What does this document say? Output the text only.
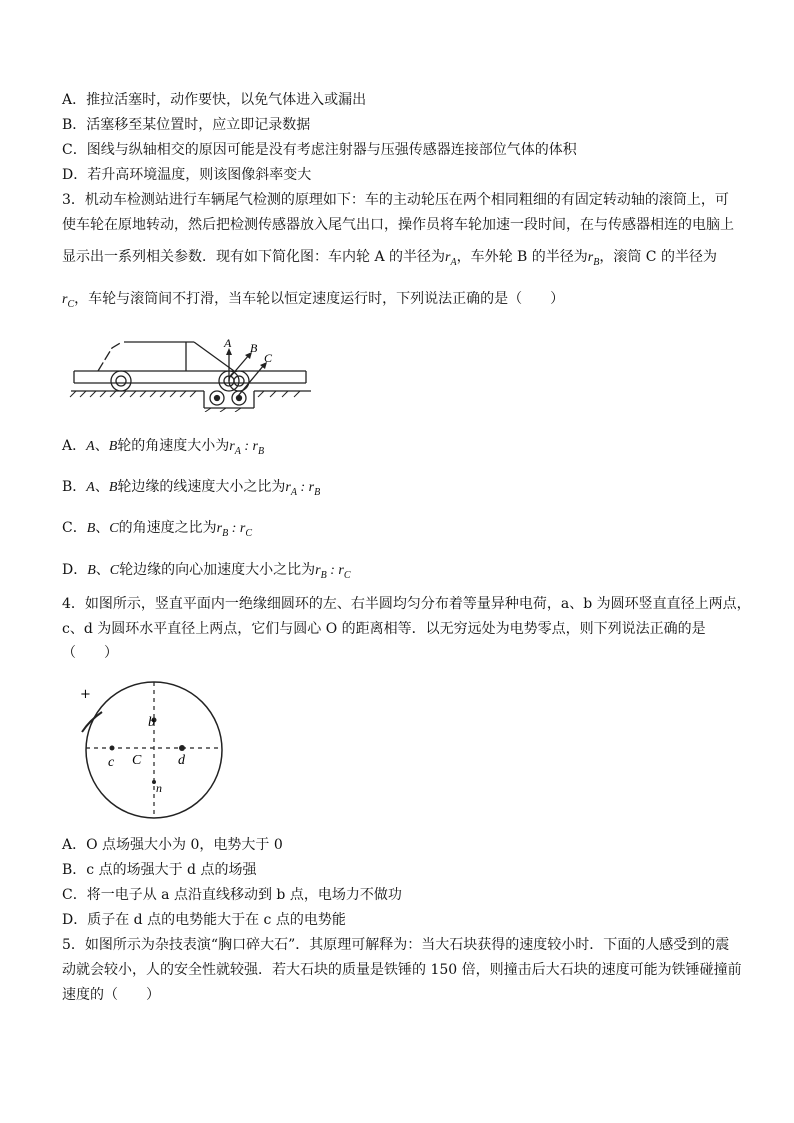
A．推拉活塞时，动作要快，以免气体进入或漏出
B．活塞移至某位置时，应立即记录数据
C．图线与纵轴相交的原因可能是没有考虑注射器与压强传感器连接部位气体的体积
D．若升高环境温度，则该图像斜率变大
3．机动车检测站进行车辆尾气检测的原理如下：车的主动轮压在两个相同粗细的有固定转动轴的滚筒上，可
使车轮在原地转动，然后把检测传感器放入尾气出口，操作员将车轮加速一段时间，在与传感器相连的电脑上
显示出一系列相关参数．现有如下简化图：车内轮 A 的半径为$r_A$，车外轮 B 的半径为$r_B$，滚筒 C 的半径为
$r_C$，车轮与滚筒间不打滑，当车轮以恒定速度运行时，下列说法正确的是（　　）
A B
C
A．A、B轮的角速度大小为$r_A$ : $r_B$
B．A、B轮边缘的线速度大小之比为$r_A$ : $r_B$
C．B、C的角速度之比为$r_B$ : $r_C$
D．B、C轮边缘的向心加速度大小之比为$r_B$ : $r_C$
4．如图所示，竖直平面内一绝缘细圆环的左、右半圆均匀分布着等量异种电荷，a、b 为圆环竖直直径上两点，
c、d 为圆环水平直径上两点，它们与圆心 O 的距离相等．以无穷远处为电势零点，则下列说法正确的是
（　　）
+
b
c C	d
n
A．O 点场强大小为 0，电势大于 0
B．c 点的场强大于 d 点的场强
C．将一电子从 a 点沿直线移动到 b 点，电场力不做功
D．质子在 d 点的电势能大于在 c 点的电势能
5．如图所示为杂技表演“胸口碎大石”．其原理可解释为：当大石块获得的速度较小时．下面的人感受到的震
动就会较小，人的安全性就较强．若大石块的质量是铁锤的 150 倍，则撞击后大石块的速度可能为铁锤碰撞前
速度的（　　）
